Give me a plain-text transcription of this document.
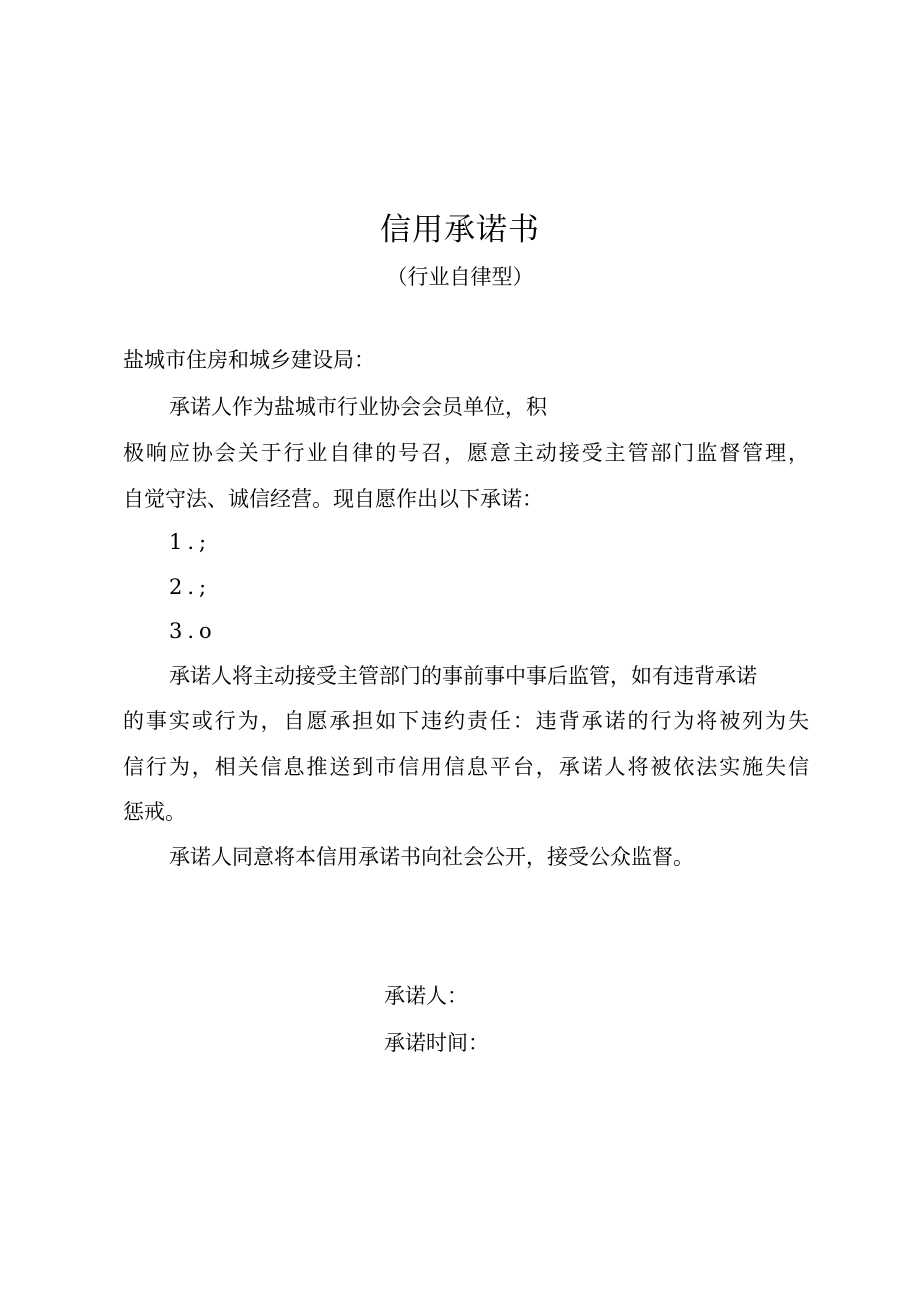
信用承诺书
（行业自律型）
盐城市住房和城乡建设局：
承诺人作为盐城市行业协会会员单位，积
极响应协会关于行业自律的号召，愿意主动接受主管部门监督管理，
自觉守法、诚信经营。现自愿作出以下承诺：
1.;
2.;
3.o
承诺人将主动接受主管部门的事前事中事后监管，如有违背承诺
的事实或行为，自愿承担如下违约责任：违背承诺的行为将被列为失
信行为，相关信息推送到市信用信息平台，承诺人将被依法实施失信
惩戒。
承诺人同意将本信用承诺书向社会公开，接受公众监督。
承诺人：
承诺时间：
